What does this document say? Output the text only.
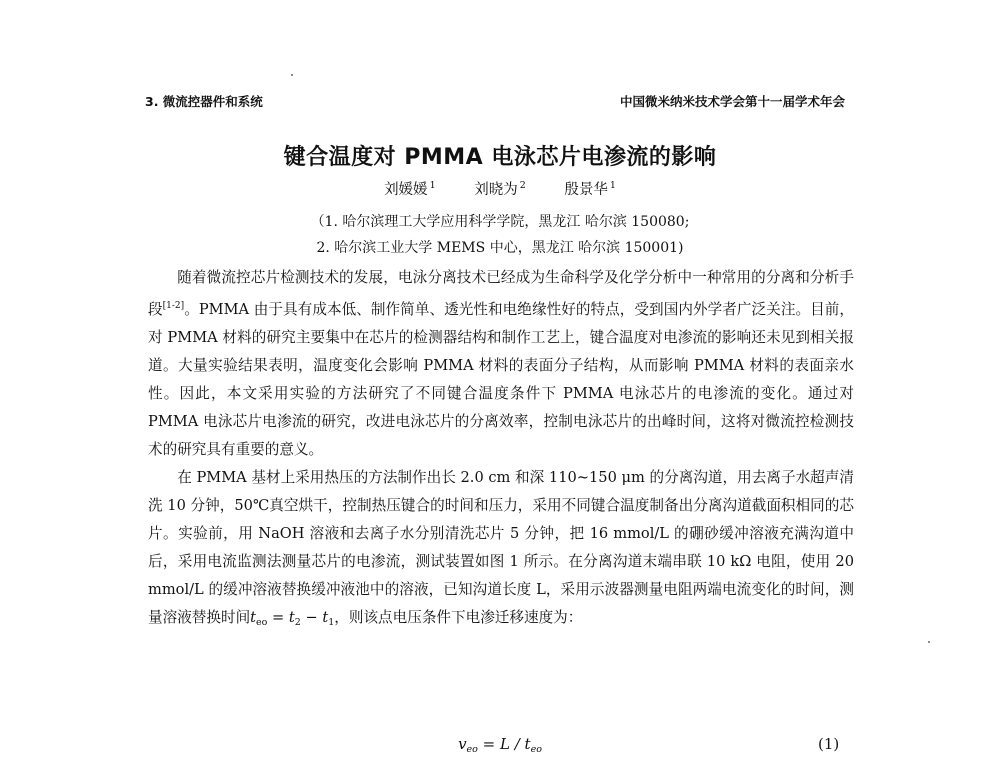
3. 微流控器件和系统	中国微米纳米技术学会第十一届学术年会
键合温度对 PMMA 电泳芯片电渗流的影响
刘媛媛 $^1$	刘晓为 $^2$	殷景华 $^1$
（1. 哈尔滨理工大学应用科学学院，黑龙江 哈尔滨 150080;
2. 哈尔滨工业大学 MEMS 中心，黑龙江 哈尔滨 150001)

随着微流控芯片检测技术的发展，电泳分离技术已经成为生命科学及化学分析中一种常用的分离和分析手段[1-2]。PMMA 由于具有成本低、制作简单、透光性和电绝缘性好的特点，受到国内外学者广泛关注。目前，对 PMMA 材料的研究主要集中在芯片的检测器结构和制作工艺上，键合温度对电渗流的影响还未见到相关报道。大量实验结果表明，温度变化会影响 PMMA 材料的表面分子结构，从而影响 PMMA 材料的表面亲水性。因此，本文采用实验的方法研究了不同键合温度条件下 PMMA 电泳芯片的电渗流的变化。通过对 PMMA 电泳芯片电渗流的研究，改进电泳芯片的分离效率，控制电泳芯片的出峰时间，这将对微流控检测技术的研究具有重要的意义。

在 PMMA 基材上采用热压的方法制作出长 2.0 cm 和深 110~150 μm 的分离沟道，用去离子水超声清洗 10 分钟，50℃真空烘干，控制热压键合的时间和压力，采用不同键合温度制备出分离沟道截面积相同的芯片。实验前，用 NaOH 溶液和去离子水分别清洗芯片 5 分钟，把 16 mmol/L 的硼砂缓冲溶液充满沟道中后，采用电流监测法测量芯片的电渗流，测试装置如图 1 所示。在分离沟道末端串联 10 kΩ 电阻，使用 20 mmol/L 的缓冲溶液替换缓冲液池中的溶液，已知沟道长度 L，采用示波器测量电阻两端电流变化的时间，测量溶液替换时间$t_{eo} = t_2 - t_1$，则该点电压条件下电渗迁移速度为：

$v_{eo} = L / t_{eo}$	(1)
